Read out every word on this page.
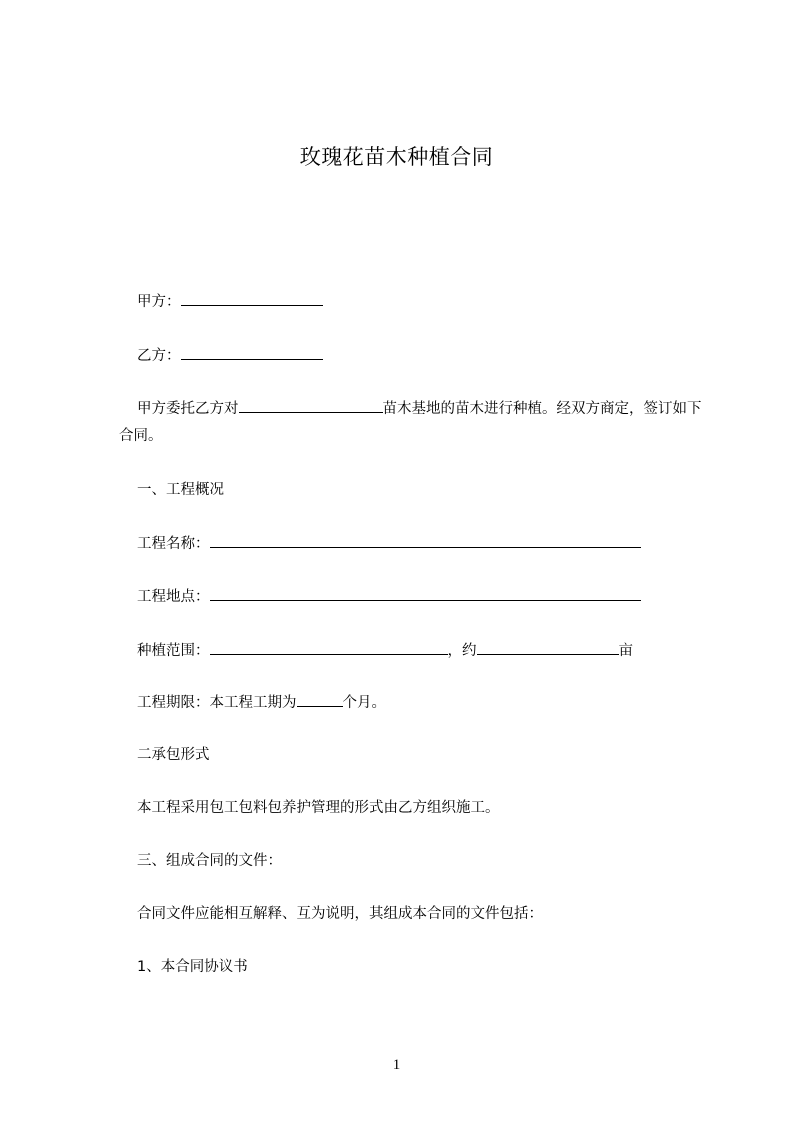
玫瑰花苗木种植合同
甲方：
乙方：
甲方委托乙方对	苗木基地的苗木进行种植。经双方商定，签订如下合同。
一、工程概况
工程名称：
工程地点：
种植范围：	，约	亩
工程期限：本工程工期为	个月。
二承包形式
本工程采用包工包料包养护管理的形式由乙方组织施工。
三、组成合同的文件：
合同文件应能相互解释、互为说明，其组成本合同的文件包括：
1、本合同协议书
1
